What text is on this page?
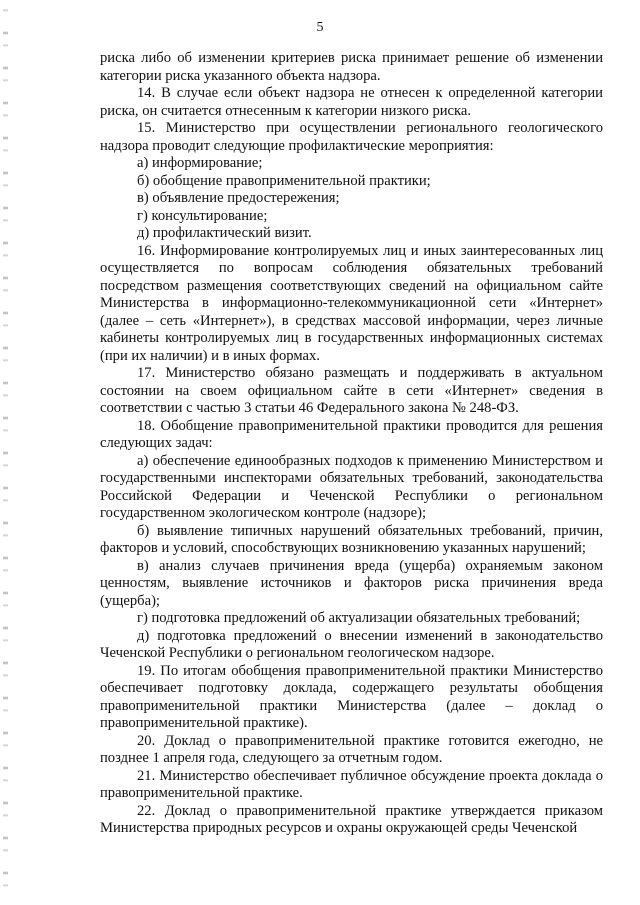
5

риска либо об изменении критериев риска принимает решение об изменении категории риска указанного объекта надзора.

14. В случае если объект надзора не отнесен к определенной категории риска, он считается отнесенным к категории низкого риска.

15. Министерство при осуществлении регионального геологического надзора проводит следующие профилактические мероприятия:

а) информирование;

б) обобщение правоприменительной практики;

в) объявление предостережения;

г) консультирование;

д) профилактический визит.

16. Информирование контролируемых лиц и иных заинтересованных лиц осуществляется по вопросам соблюдения обязательных требований посредством размещения соответствующих сведений на официальном сайте Министерства в информационно-телекоммуникационной сети «Интернет» (далее – сеть «Интернет»), в средствах массовой информации, через личные кабинеты контролируемых лиц в государственных информационных системах (при их наличии) и в иных формах.

17. Министерство обязано размещать и поддерживать в актуальном состоянии на своем официальном сайте в сети «Интернет» сведения в соответствии с частью 3 статьи 46 Федерального закона № 248-ФЗ.

18. Обобщение правоприменительной практики проводится для решения следующих задач:

а) обеспечение единообразных подходов к применению Министерством и государственными инспекторами обязательных требований, законодательства Российской Федерации и Чеченской Республики о региональном государственном экологическом контроле (надзоре);

б) выявление типичных нарушений обязательных требований, причин, факторов и условий, способствующих возникновению указанных нарушений;

в) анализ случаев причинения вреда (ущерба) охраняемым законом ценностям, выявление источников и факторов риска причинения вреда (ущерба);

г) подготовка предложений об актуализации обязательных требований;

д) подготовка предложений о внесении изменений в законодательство Чеченской Республики о региональном геологическом надзоре.

19. По итогам обобщения правоприменительной практики Министерство обеспечивает подготовку доклада, содержащего результаты обобщения правоприменительной практики Министерства (далее – доклад о правоприменительной практике).

20. Доклад о правоприменительной практике готовится ежегодно, не позднее 1 апреля года, следующего за отчетным годом.

21. Министерство обеспечивает публичное обсуждение проекта доклада о правоприменительной практике.

22. Доклад о правоприменительной практике утверждается приказом Министерства природных ресурсов и охраны окружающей среды Чеченской
